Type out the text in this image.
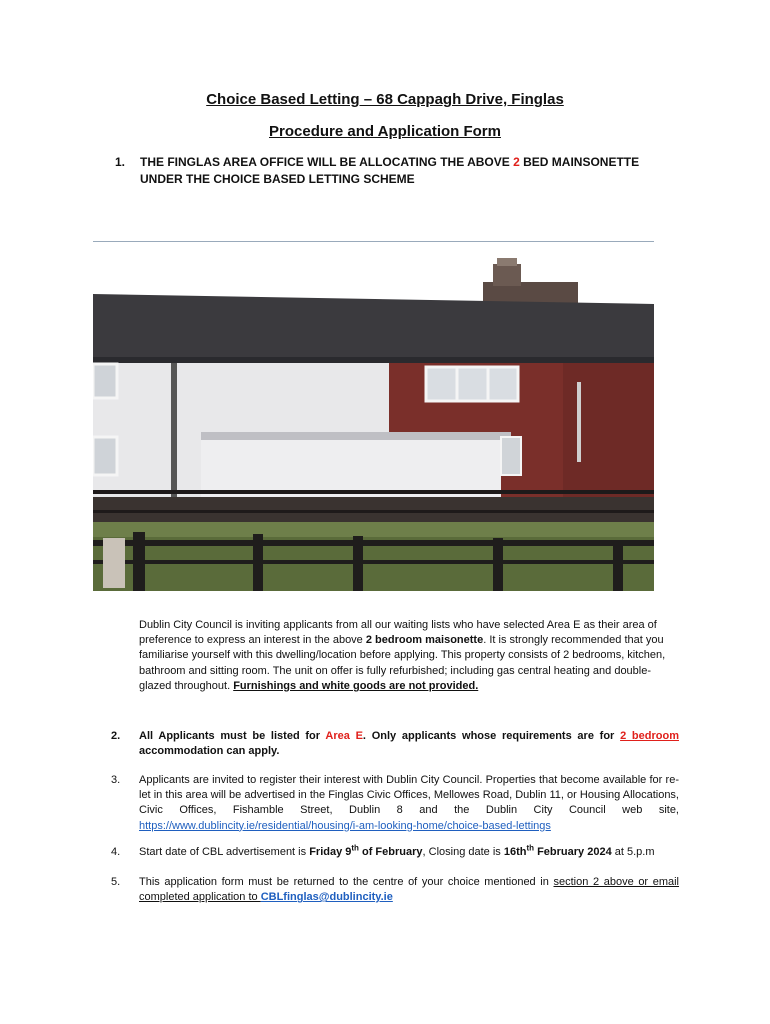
Choice Based Letting – 68 Cappagh Drive, Finglas
Procedure and Application Form
1. THE FINGLAS AREA OFFICE WILL BE ALLOCATING THE ABOVE 2 BED MAINSONETTE UNDER THE CHOICE BASED LETTING SCHEME
Dublin City Council is inviting applicants from all our waiting lists who have selected Area E as their area of preference to express an interest in the above 2 bedroom maisonette. It is strongly recommended that you familiarise yourself with this dwelling/location before applying. This property consists of 2 bedrooms, kitchen, bathroom and sitting room. The unit on offer is fully refurbished; including gas central heating and double-glazed throughout. Furnishings and white goods are not provided.
2. All Applicants must be listed for Area E. Only applicants whose requirements are for 2 bedroom accommodation can apply.
3. Applicants are invited to register their interest with Dublin City Council. Properties that become available for re- let in this area will be advertised in the Finglas Civic Offices, Mellowes Road, Dublin 11, or Housing Allocations, Civic Offices, Fishamble Street, Dublin 8 and the Dublin City Council web site, https://www.dublincity.ie/residential/housing/i-am-looking-home/choice-based-lettings
4. Start date of CBL advertisement is Friday 9th of February, Closing date is $16th^{th}$ February 2024 at 5.p.m
5. This application form must be returned to the centre of your choice mentioned in section 2 above or email completed application to CBLfinglas@dublincity.ie
